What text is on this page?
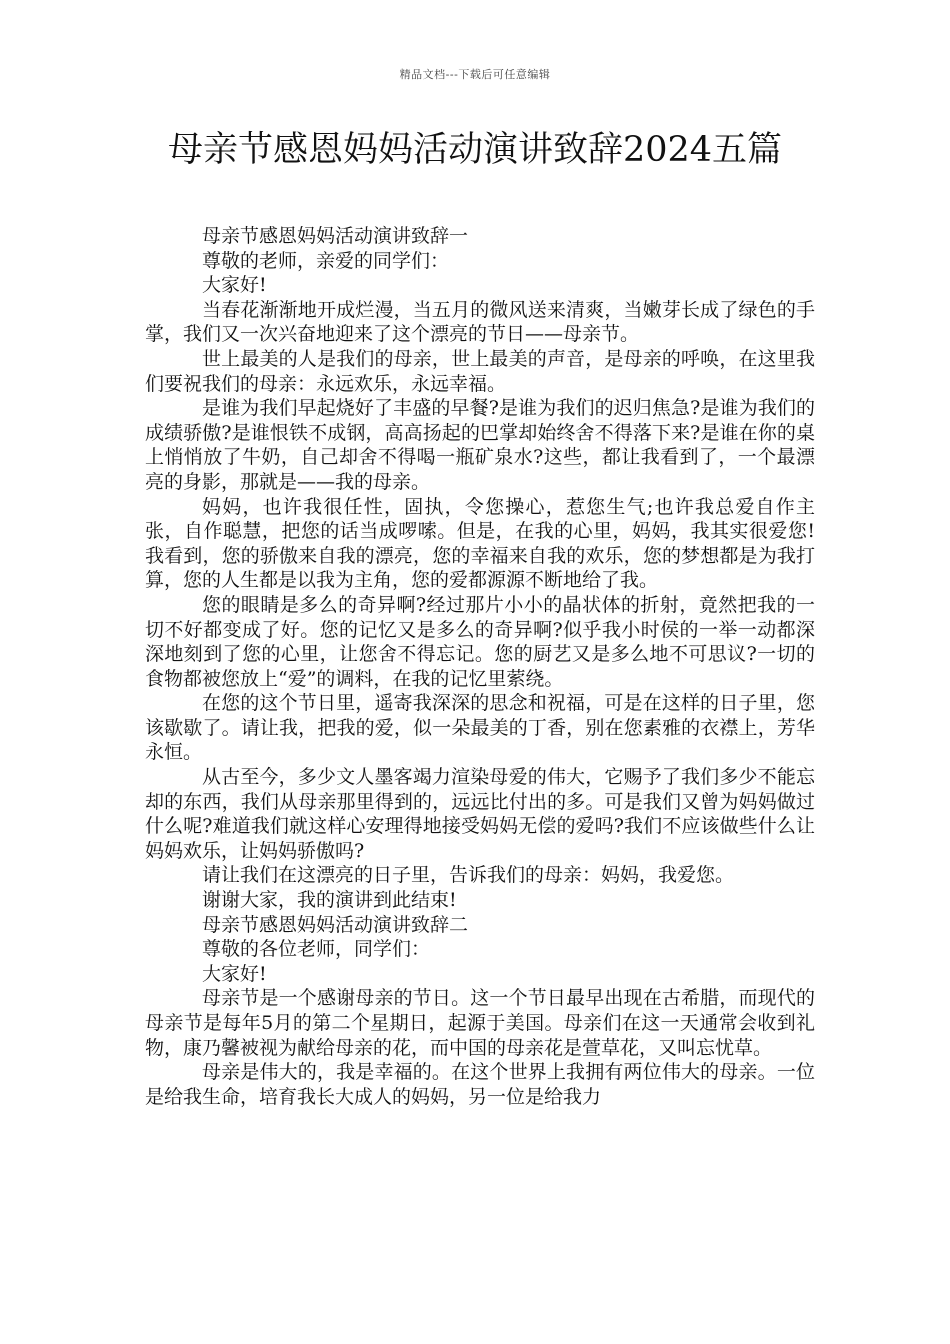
精品文档---下载后可任意编辑
母亲节感恩妈妈活动演讲致辞2024五篇

母亲节感恩妈妈活动演讲致辞一

尊敬的老师，亲爱的同学们：

大家好!

当春花渐渐地开成烂漫，当五月的微风送来清爽，当嫩芽长成了绿色的手掌，我们又一次兴奋地迎来了这个漂亮的节日——母亲节。

世上最美的人是我们的母亲，世上最美的声音，是母亲的呼唤，在这里我们要祝我们的母亲：永远欢乐，永远幸福。

是谁为我们早起烧好了丰盛的早餐?是谁为我们的迟归焦急?是谁为我们的成绩骄傲?是谁恨铁不成钢，高高扬起的巴掌却始终舍不得落下来?是谁在你的桌上悄悄放了牛奶，自己却舍不得喝一瓶矿泉水?这些，都让我看到了，一个最漂亮的身影，那就是——我的母亲。

妈妈，也许我很任性，固执，令您操心，惹您生气;也许我总爱自作主张，自作聪慧，把您的话当成啰嗦。但是，在我的心里，妈妈，我其实很爱您!我看到，您的骄傲来自我的漂亮，您的幸福来自我的欢乐，您的梦想都是为我打算，您的人生都是以我为主角，您的爱都源源不断地给了我。

您的眼睛是多么的奇异啊?经过那片小小的晶状体的折射，竟然把我的一切不好都变成了好。您的记忆又是多么的奇异啊?似乎我小时侯的一举一动都深深地刻到了您的心里，让您舍不得忘记。您的厨艺又是多么地不可思议?一切的食物都被您放上“爱”的调料，在我的记忆里萦绕。

在您的这个节日里，遥寄我深深的思念和祝福，可是在这样的日子里，您该歇歇了。请让我，把我的爱，似一朵最美的丁香，别在您素雅的衣襟上，芳华永恒。

从古至今，多少文人墨客竭力渲染母爱的伟大，它赐予了我们多少不能忘却的东西，我们从母亲那里得到的，远远比付出的多。可是我们又曾为妈妈做过什么呢?难道我们就这样心安理得地接受妈妈无偿的爱吗?我们不应该做些什么让妈妈欢乐，让妈妈骄傲吗?

请让我们在这漂亮的日子里，告诉我们的母亲：妈妈，我爱您。

谢谢大家，我的演讲到此结束!

母亲节感恩妈妈活动演讲致辞二

尊敬的各位老师，同学们：

大家好!

母亲节是一个感谢母亲的节日。这一个节日最早出现在古希腊，而现代的母亲节是每年5月的第二个星期日，起源于美国。母亲们在这一天通常会收到礼物，康乃馨被视为献给母亲的花，而中国的母亲花是萱草花，又叫忘忧草。

母亲是伟大的，我是幸福的。在这个世界上我拥有两位伟大的母亲。一位是给我生命，培育我长大成人的妈妈，另一位是给我力
